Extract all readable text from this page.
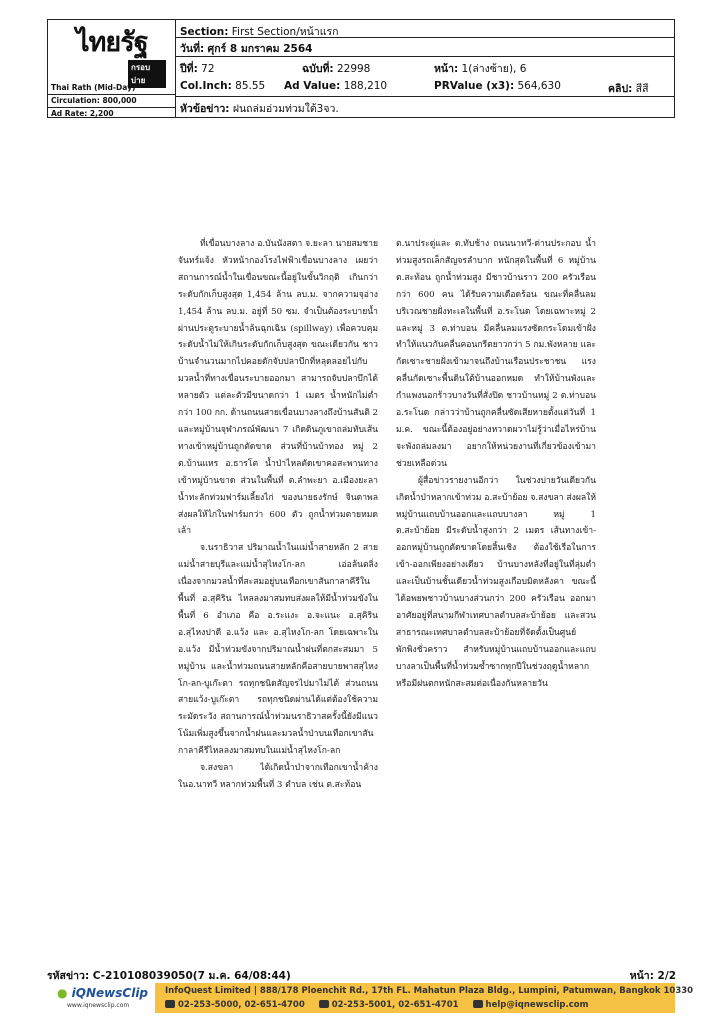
ไทยรัฐ
กรอบบ่าย
Thai Rath (Mid-Day)
Circulation: 800,000
Ad Rate: 2,200
Section: First Section/หน้าแรก
วันที่: ศุกร์ 8 มกราคม 2564
ปีที่: 72	ฉบับที่: 22998	หน้า: 1(ล่างซ้าย), 6
Col.Inch: 85.55 Ad Value: 188,210	PRValue (x3): 564,630	คลิป: สีสี
หัวข้อข่าว: ฝนถล่มอ่วมท่วมใต้3จว.

ที่เขื่อนบางลาง อ.บันนังสตา จ.ยะลา นายสมชาย จันทร์แจ้ง หัวหน้ากองโรงไฟฟ้าเขื่อนบางลาง เผยว่า สถานการณ์น้ำในเขื่อนขณะนี้อยู่ในขั้นวิกฤติ เกินกว่าระดับกักเก็บสูงสุด 1,454 ล้าน ลบ.ม. จากความจุอ่าง 1,454 ล้าน ลบ.ม. อยู่ที่ 50 ซม. จำเป็นต้องระบายน้ำผ่านประตูระบายน้ำล้นฉุกเฉิน (spillway) เพื่อควบคุมระดับน้ำไม่ให้เกินระดับกักเก็บสูงสุด ขณะเดียวกัน ชาวบ้านจำนวนมากไปคอยดักจับปลาบึกที่หลุดลอยไปกับมวลน้ำที่ทางเขื่อนระบายออกมา สามารถจับปลาบึกได้หลายตัว แต่ละตัวมีขนาดกว่า 1 เมตร น้ำหนักไม่ต่ำกว่า 100 กก. ด้านถนนสายเขื่อนบางลางถึงบ้านสันติ 2 และหมู่บ้านจุฬาภรณ์พัฒนา 7 เกิดดินภูเขาถล่มทับเส้นทางเข้าหมู่บ้านถูกตัดขาด ส่วนที่บ้านบ้าทอง หมู่ 2 ต.บ้านแหร อ.ธารโต น้ำป่าไหลตัดเขาคอสะพานทางเข้าหมู่บ้านขาด ส่วนในพื้นที่ ต.ลำพะยา อ.เมืองยะลา น้ำทะลักท่วมฟาร์มเลี้ยงไก่ ของนายธงรักษ์ จินดาพล ส่งผลให้ไก่ในฟาร์มกว่า 600 ตัว ถูกน้ำท่วมตายหมดเล้า

จ.นราธิวาส ปริมาณน้ำในแม่น้ำสายหลัก 2 สาย แม่น้ำสายบุรีและแม่น้ำสุไหงโก-ลก เอ่อล้นตลิ่ง เนื่องจากมวลน้ำที่สะสมอยู่บนเทือกเขาสันกาลาคีรีในพื้นที่ อ.สุคิริน ไหลลงมาสมทบส่งผลให้มีน้ำท่วมขังในพื้นที่ 6 อำเภอ คือ อ.ระแงะ อ.จะแนะ อ.สุคิริน อ.สุไหงปาดี อ.แว้ง และ อ.สุไหงโก-ลก โดยเฉพาะใน อ.แว้ง มีน้ำท่วมขังจากปริมาณน้ำฝนที่ตกสะสมมา 5 หมู่บ้าน และน้ำท่วมถนนสายหลักคือสายบายพาสสุไหงโก-ลก-บูเก๊ะตา รถทุกชนิดสัญจรไปมาไม่ได้ ส่วนถนนสายแว้ง-บูเก๊ะตา รถทุกชนิดผ่านได้แต่ต้องใช้ความระมัดระวัง สถานการณ์น้ำท่วมนราธิวาสครั้งนี้ยังมีแนวโน้มเพิ่มสูงขึ้นจากน้ำฝนและมวลน้ำป่าบนเทือกเขาสันกาลาคีรีไหลลงมาสมทบในแม่น้ำสุไหงโก-ลก

จ.สงขลา ได้เกิดน้ำป่าจากเทือกเขาน้ำค้างในอ.นาทวี หลากท่วมพื้นที่ 3 ตำบล เช่น ต.สะท้อน

ต.นาประดู่และ ต.ทับช้าง ถนนนาทวี-ด่านประกอบ น้ำท่วมสูงรถเล็กสัญจรลำบาก หนักสุดในพื้นที่ 6 หมู่บ้าน ต.สะท้อน ถูกน้ำท่วมสูง มีชาวบ้านราว 200 ครัวเรือน กว่า 600 คน ได้รับความเดือดร้อน ขณะที่คลื่นลมบริเวณชายฝั่งทะเลในพื้นที่ อ.ระโนด โดยเฉพาะหมู่ 2 และหมู่ 3 ต.ท่าบอน มีคลื่นลมแรงซัดกระโดมเข้าฝั่ง ทำให้แนวกันคลื่นคอนกรีตยาวกว่า 5 กม.พังหลาย และกัดเซาะชายฝั่งเข้ามาจนถึงบ้านเรือนประชาชน แรงคลื่นกัดเซาะพื้นดินใต้บ้านออกหมด ทำให้บ้านพังและกำแพงนอกร้าวบางวันที่สั่งปิด ชาวบ้านหมู่ 2 ต.ท่าบอน อ.ระโนด กล่าวว่าบ้านถูกคลื่นซัดเสียหายตั้งแต่วันที่ 1 ม.ค. ขณะนี้ต้องอยู่อย่างหวาดผวาไม่รู้ว่าเมื่อไหร่บ้านจะพังถล่มลงมา อยากให้หน่วยงานที่เกี่ยวข้องเข้ามาช่วยเหลือด่วน

ผู้สื่อข่าวรายงานอีกว่า ในช่วงบ่ายวันเดียวกัน เกิดน้ำป่าหลากเข้าท่วม อ.สะบ้าย้อย จ.สงขลา ส่งผลให้หมู่บ้านแถบบ้านออกและแถบบางลา หมู่ 1 ต.สะบ้าย้อย มีระดับน้ำสูงกว่า 2 เมตร เส้นทางเข้า-ออกหมู่บ้านถูกตัดขาดโดยสิ้นเชิง ต้องใช้เรือในการเข้า-ออกเพียงอย่างเดียว บ้านบางหลังที่อยู่ในที่ลุ่มต่ำและเป็นบ้านชั้นเดียวน้ำท่วมสูงเกือบมิดหลังคา ขณะนี้ได้อพยพชาวบ้านบางส่วนกว่า 200 ครัวเรือน ออกมาอาศัยอยู่ที่สนามกีฬาเทศบาลตำบลสะบ้าย้อย และสวนสาธารณะเทศบาลตำบลสะบ้าย้อยที่จัดตั้งเป็นศูนย์พักพิงชั่วคราว สำหรับหมู่บ้านแถบบ้านออกและแถบบางลาเป็นพื้นที่น้ำท่วมซ้ำซากทุกปีในช่วงฤดูน้ำหลาก หรือมีฝนตกหนักสะสมต่อเนื่องกันหลายวัน

รหัสข่าว: C-210108039050(7 ม.ค. 64/08:44)	หน้า: 2/2
● iQNewsClip
www.iqnewsclip.com
InfoQuest Limited | 888/178 Ploenchit Rd., 17th FL. Mahatun Plaza Bldg., Lumpini, Patumwan, Bangkok 10330
02-253-5000, 02-651-4700	02-253-5001, 02-651-4701	help@iqnewsclip.com
